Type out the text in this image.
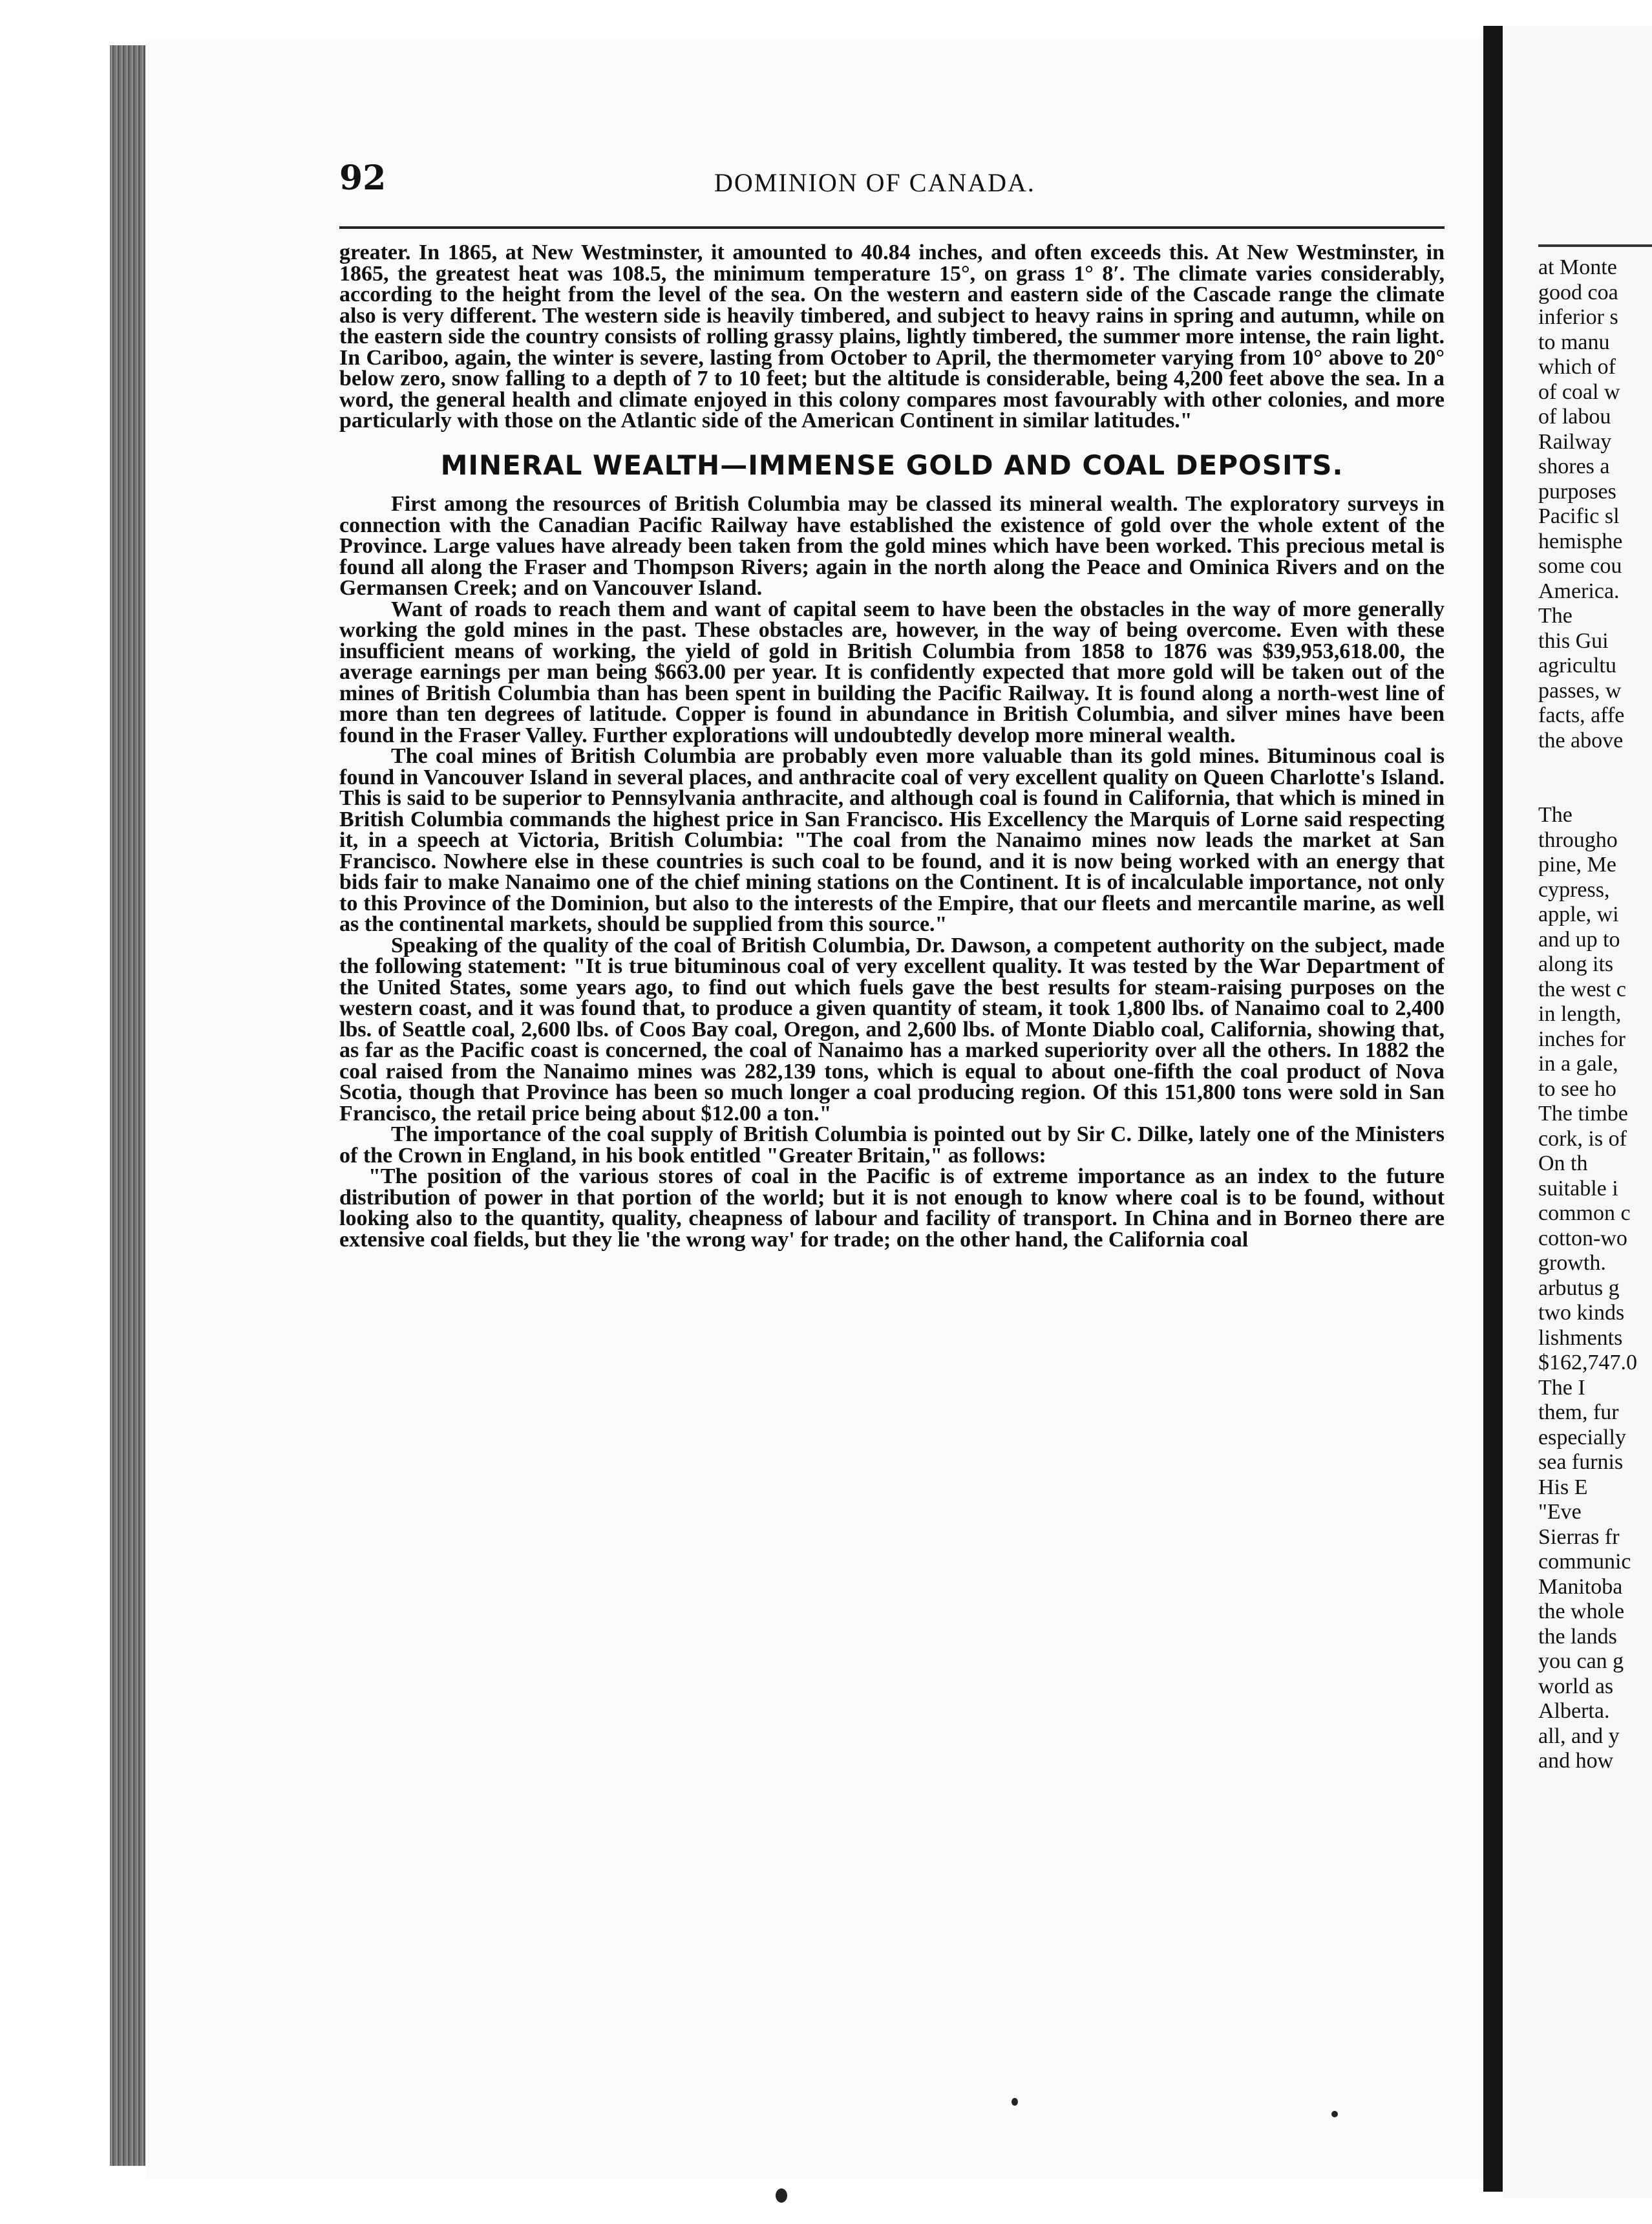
at Monte
good coa
inferior s
to manu
which of
of coal w
of labou
Railway
shores a
purposes
Pacific sl
hemisphe
some cou
America.
The
this Gui
agricultu
passes, w
facts, affe
the above

The
througho
pine, Me
cypress,
apple, wi
and up to
along its
the west c
in length,
inches for
in a gale,
to see ho
The timbe
cork, is of
On th
suitable i
common c
cotton-wo
growth.
arbutus g
two kinds
lishments
$162,747.0
The I
them, fur
especially
sea furnis
His E
"Eve
Sierras fr
communic
Manitoba
the whole
the lands
you can g
world as
Alberta.
all, and y
and how
92	DOMINION OF CANADA.

greater. In 1865, at New Westminster, it amounted to 40.84 inches, and often exceeds this. At New Westminster, in 1865, the greatest heat was 108.5, the minimum temperature 15°, on grass 1° 8′. The climate varies considerably, according to the height from the level of the sea. On the western and eastern side of the Cascade range the climate also is very different. The western side is heavily timbered, and subject to heavy rains in spring and autumn, while on the eastern side the country consists of rolling grassy plains, lightly timbered, the summer more intense, the rain light. In Cariboo, again, the winter is severe, lasting from October to April, the thermometer varying from 10° above to 20° below zero, snow falling to a depth of 7 to 10 feet; but the altitude is considerable, being 4,200 feet above the sea. In a word, the general health and climate enjoyed in this colony compares most favourably with other colonies, and more particularly with those on the Atlantic side of the American Continent in similar latitudes."

MINERAL WEALTH—IMMENSE GOLD AND COAL DEPOSITS.

First among the resources of British Columbia may be classed its mineral wealth. The exploratory surveys in connection with the Canadian Pacific Railway have established the existence of gold over the whole extent of the Province. Large values have already been taken from the gold mines which have been worked. This precious metal is found all along the Fraser and Thompson Rivers; again in the north along the Peace and Ominica Rivers and on the Germansen Creek; and on Vancouver Island.

Want of roads to reach them and want of capital seem to have been the obstacles in the way of more generally working the gold mines in the past. These obstacles are, however, in the way of being overcome. Even with these insufficient means of working, the yield of gold in British Columbia from 1858 to 1876 was $39,953,618.00, the average earnings per man being $663.00 per year. It is confidently expected that more gold will be taken out of the mines of British Columbia than has been spent in building the Pacific Railway. It is found along a north-west line of more than ten degrees of latitude. Copper is found in abundance in British Columbia, and silver mines have been found in the Fraser Valley. Further explorations will undoubtedly develop more mineral wealth.

The coal mines of British Columbia are probably even more valuable than its gold mines. Bituminous coal is found in Vancouver Island in several places, and anthracite coal of very excellent quality on Queen Charlotte's Island. This is said to be superior to Pennsylvania anthracite, and although coal is found in California, that which is mined in British Columbia commands the highest price in San Francisco. His Excellency the Marquis of Lorne said respecting it, in a speech at Victoria, British Columbia: "The coal from the Nanaimo mines now leads the market at San Francisco. Nowhere else in these countries is such coal to be found, and it is now being worked with an energy that bids fair to make Nanaimo one of the chief mining stations on the Continent. It is of incalculable importance, not only to this Province of the Dominion, but also to the interests of the Empire, that our fleets and mercantile marine, as well as the continental markets, should be supplied from this source."

Speaking of the quality of the coal of British Columbia, Dr. Dawson, a competent authority on the subject, made the following statement: "It is true bituminous coal of very excellent quality. It was tested by the War Department of the United States, some years ago, to find out which fuels gave the best results for steam-raising purposes on the western coast, and it was found that, to produce a given quantity of steam, it took 1,800 lbs. of Nanaimo coal to 2,400 lbs. of Seattle coal, 2,600 lbs. of Coos Bay coal, Oregon, and 2,600 lbs. of Monte Diablo coal, California, showing that, as far as the Pacific coast is concerned, the coal of Nanaimo has a marked superiority over all the others. In 1882 the coal raised from the Nanaimo mines was 282,139 tons, which is equal to about one-fifth the coal product of Nova Scotia, though that Province has been so much longer a coal producing region. Of this 151,800 tons were sold in San Francisco, the retail price being about $12.00 a ton."

The importance of the coal supply of British Columbia is pointed out by Sir C. Dilke, lately one of the Ministers of the Crown in England, in his book entitled "Greater Britain," as follows:

"The position of the various stores of coal in the Pacific is of extreme importance as an index to the future distribution of power in that portion of the world; but it is not enough to know where coal is to be found, without looking also to the quantity, quality, cheapness of labour and facility of transport. In China and in Borneo there are extensive coal fields, but they lie 'the wrong way' for trade; on the other hand, the California coal
